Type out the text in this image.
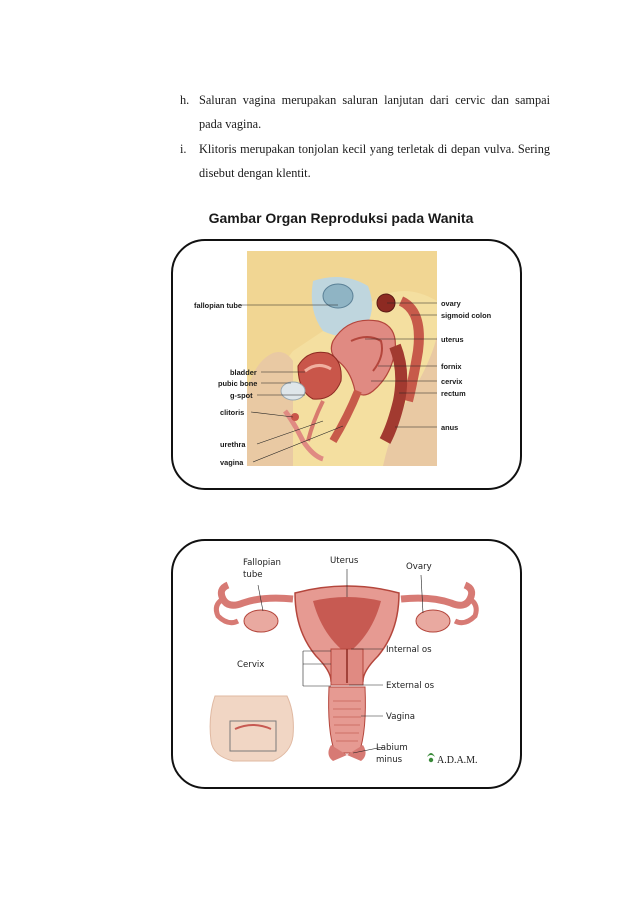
h. Saluran vagina merupakan saluran lanjutan dari cervic dan sampai pada vagina.
i. Klitoris merupakan tonjolan kecil yang terletak di depan vulva. Sering disebut dengan klentit.
Gambar Organ Reproduksi pada Wanita
fallopian tube
bladder
pubic bone
g-spot
clitoris
urethra
vagina
ovary
sigmoid colon
uterus
fornix
cervix
rectum
anus
Fallopian
tube
Uterus
Ovary
Internal os
Cervix
External os
Vagina
Labium
minus	A.D.A.M.
